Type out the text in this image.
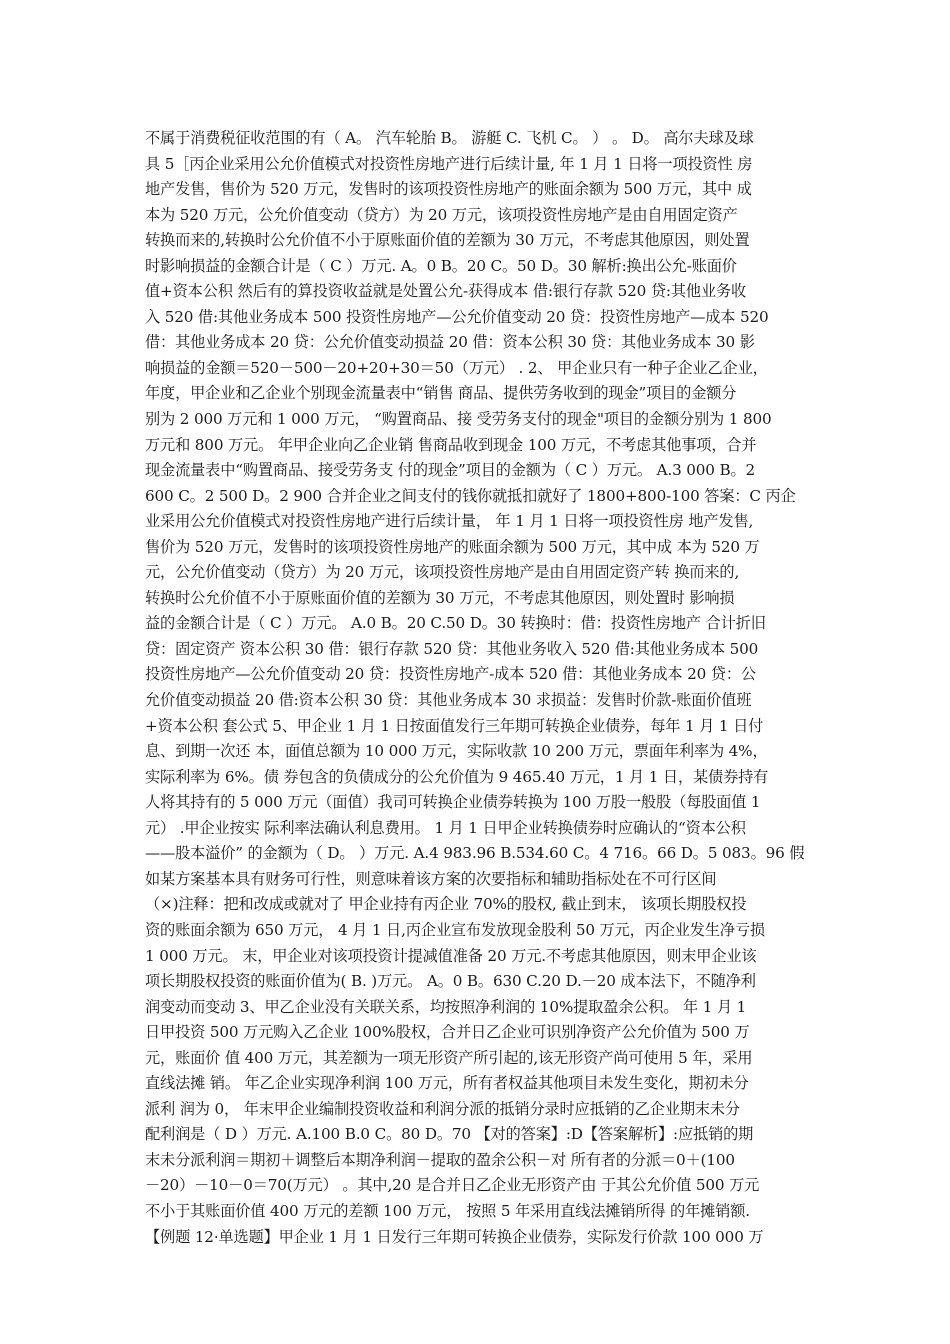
不属于消费税征收范围的有（ A。 汽车轮胎 B。 游艇 C. 飞机 C。 ） 。 D。 高尔夫球及球
具 5［丙企业采用公允价值模式对投资性房地产进行后续计量, 年 1 月 1 日将一项投资性 房
地产发售，售价为 520 万元，发售时的该项投资性房地产的账面余额为 500 万元，其中 成
本为 520 万元，公允价值变动（贷方）为 20 万元，该项投资性房地产是由自用固定资产
转换而来的,转换时公允价值不小于原账面价值的差额为 30 万元，不考虑其他原因，则处置
时影响损益的金额合计是（ C ）万元. A。0 B。20 C。50 D。30 解析:换出公允-账面价
值+资本公积 然后有的算投资收益就是处置公允-获得成本 借:银行存款 520 贷:其他业务收
入 520 借:其他业务成本 500 投资性房地产—公允价值变动 20 贷：投资性房地产—成本 520
借：其他业务成本 20 贷：公允价值变动损益 20 借：资本公积 30 贷：其他业务成本 30 影
响损益的金额＝520－500－20+20+30＝50（万元） . 2、 甲企业只有一种子企业乙企业，
年度，甲企业和乙企业个别现金流量表中“销售 商品、提供劳务收到的现金”项目的金额分
别为 2 000 万元和 1 000 万元， “购置商品、接 受劳务支付的现金"项目的金额分别为 1 800
万元和 800 万元。 年甲企业向乙企业销 售商品收到现金 100 万元，不考虑其他事项，合并
现金流量表中“购置商品、接受劳务支 付的现金”项目的金额为（ C ）万元。 A.3 000 B。2
600 C。2 500 D。2 900 合并企业之间支付的钱你就抵扣就好了 1800+800-100 答案：C 丙企
业采用公允价值模式对投资性房地产进行后续计量， 年 1 月 1 日将一项投资性房 地产发售,
售价为 520 万元，发售时的该项投资性房地产的账面余额为 500 万元，其中成 本为 520 万
元，公允价值变动（贷方）为 20 万元，该项投资性房地产是由自用固定资产转 换而来的,
转换时公允价值不小于原账面价值的差额为 30 万元，不考虑其他原因，则处置时 影响损
益的金额合计是（ C ）万元。 A.0 B。20 C.50 D。30 转换时：借：投资性房地产 合计折旧
贷：固定资产 资本公积 30 借：银行存款 520 贷：其他业务收入 520 借:其他业务成本 500
投资性房地产—公允价值变动 20 贷：投资性房地产-成本 520 借：其他业务成本 20 贷：公
允价值变动损益 20 借:资本公积 30 贷：其他业务成本 30 求损益：发售时价款-账面价值班
+资本公积 套公式 5、甲企业 1 月 1 日按面值发行三年期可转换企业债券，每年 1 月 1 日付
息、到期一次还 本，面值总额为 10 000 万元，实际收款 10 200 万元，票面年利率为 4%，
实际利率为 6%。债 券包含的负债成分的公允价值为 9 465.40 万元，1 月 1 日，某债券持有
人将其持有的 5 000 万元（面值）我司可转换企业债券转换为 100 万股一般股（每股面值 1
元） .甲企业按实 际利率法确认利息费用。 1 月 1 日甲企业转换债券时应确认的“资本公积
——股本溢价” 的金额为（ D。 ）万元. A.4 983.96 B.534.60 C。4 716。66 D。5 083。96 假
如某方案基本具有财务可行性，则意味着该方案的次要指标和辅助指标处在不可行区间
（×)注释：把和改成或就对了 甲企业持有丙企业 70%的股权, 截止到末， 该项长期股权投
资的账面余额为 650 万元， 4 月 1 日,丙企业宣布发放现金股利 50 万元，丙企业发生净亏损
1 000 万元。 末，甲企业对该项投资计提减值准备 20 万元.不考虑其他原因，则末甲企业该
项长期股权投资的账面价值为( B. )万元。 A。0 B。630 C.20 D.－20 成本法下，不随净利
润变动而变动 3、甲乙企业没有关联关系，均按照净利润的 10%提取盈余公积。 年 1 月 1
日甲投资 500 万元购入乙企业 100%股权，合并日乙企业可识别净资产公允价值为 500 万
元，账面价 值 400 万元，其差额为一项无形资产所引起的,该无形资产尚可使用 5 年，采用
直线法摊 销。 年乙企业实现净利润 100 万元，所有者权益其他项目未发生变化，期初未分
派利 润为 0， 年末甲企业编制投资收益和利润分派的抵销分录时应抵销的乙企业期末未分
配利润是（ D ）万元. A.100 B.0 C。80 D。70 【对的答案】:D【答案解析】:应抵销的期
末未分派利润＝期初＋调整后本期净利润－提取的盈余公积－对 所有者的分派＝0＋(100
－20）－10－0＝70(万元） 。其中,20 是合并日乙企业无形资产由 于其公允价值 500 万元
不小于其账面价值 400 万元的差额 100 万元， 按照 5 年采用直线法摊销所得 的年摊销额.
【例题 12·单选题】甲企业 1 月 1 日发行三年期可转换企业债券，实际发行价款 100 000 万
